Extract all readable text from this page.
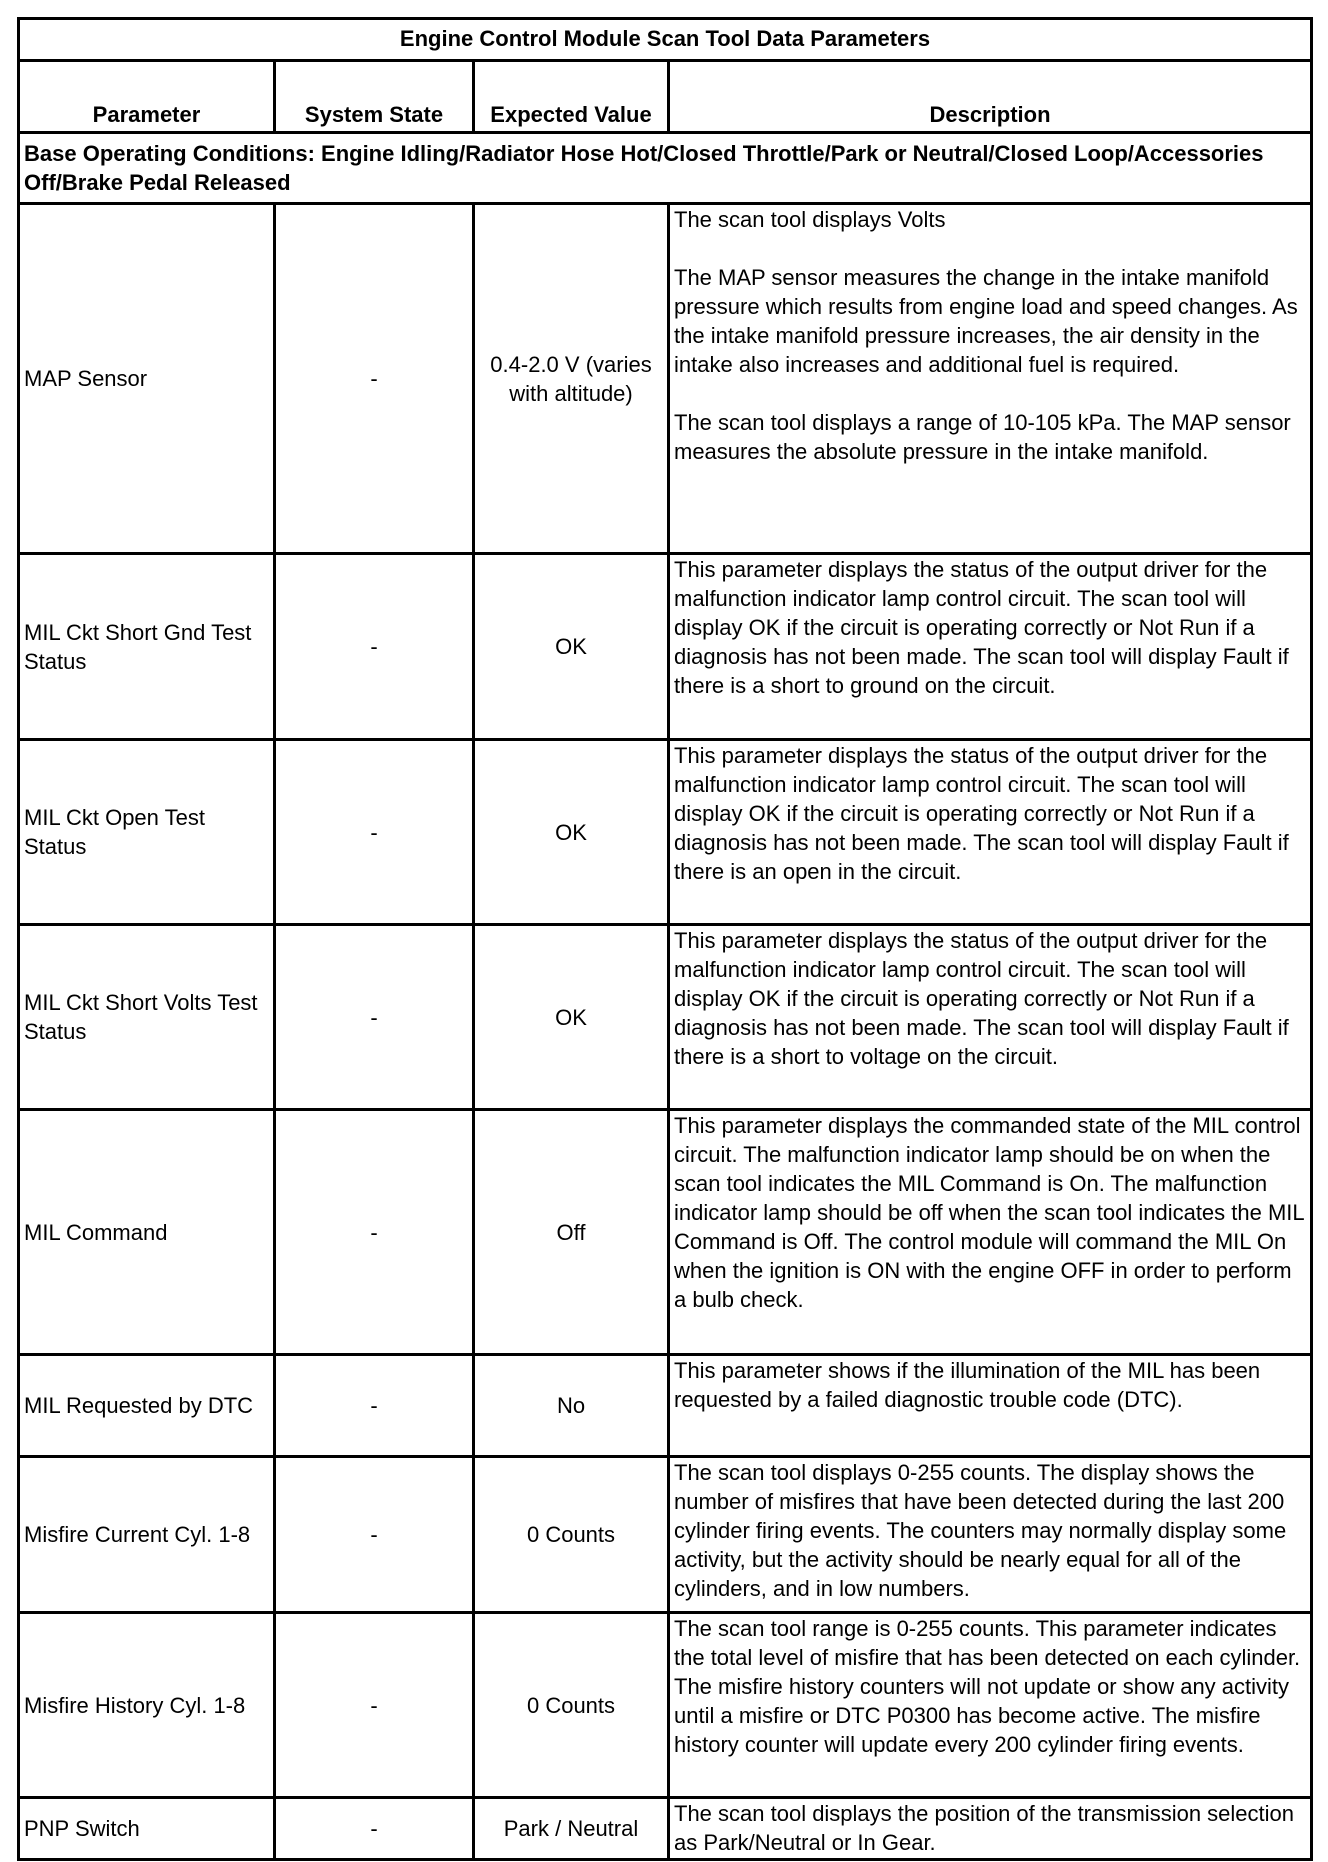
Engine Control Module Scan Tool Data Parameters			
Parameter	System State	Expected Value	Description
Base Operating Conditions: Engine Idling/Radiator Hose Hot/Closed Throttle/Park or Neutral/Closed Loop/Accessories Off/Brake Pedal Released			
MAP Sensor	-	0.4-2.0 V (varies with altitude)	The scan tool displays Volts

The MAP sensor measures the change in the intake manifold pressure which results from engine load and speed changes. As the intake manifold pressure increases, the air density in the intake also increases and additional fuel is required.

The scan tool displays a range of 10-105 kPa. The MAP sensor measures the absolute pressure in the intake manifold.

MIL Ckt Short Gnd Test Status	-	OK	This parameter displays the status of the output driver for the malfunction indicator lamp control circuit. The scan tool will display OK if the circuit is operating correctly or Not Run if a diagnosis has not been made. The scan tool will display Fault if there is a short to ground on the circuit.

MIL Ckt Open Test Status	-	OK	This parameter displays the status of the output driver for the malfunction indicator lamp control circuit. The scan tool will display OK if the circuit is operating correctly or Not Run if a diagnosis has not been made. The scan tool will display Fault if there is an open in the circuit.

MIL Ckt Short Volts Test Status	-	OK	This parameter displays the status of the output driver for the malfunction indicator lamp control circuit. The scan tool will display OK if the circuit is operating correctly or Not Run if a diagnosis has not been made. The scan tool will display Fault if there is a short to voltage on the circuit.

MIL Command	-	Off	This parameter displays the commanded state of the MIL control circuit. The malfunction indicator lamp should be on when the scan tool indicates the MIL Command is On. The malfunction indicator lamp should be off when the scan tool indicates the MIL Command is Off. The control module will command the MIL On when the ignition is ON with the engine OFF in order to perform a bulb check.

MIL Requested by DTC	-	No	This parameter shows if the illumination of the MIL has been requested by a failed diagnostic trouble code (DTC).

Misfire Current Cyl. 1-8	-	0 Counts	The scan tool displays 0-255 counts. The display shows the number of misfires that have been detected during the last 200 cylinder firing events. The counters may normally display some activity, but the activity should be nearly equal for all of the cylinders, and in low numbers.

Misfire History Cyl. 1-8	-	0 Counts	The scan tool range is 0-255 counts. This parameter indicates the total level of misfire that has been detected on each cylinder. The misfire history counters will not update or show any activity until a misfire or DTC P0300 has become active. The misfire history counter will update every 200 cylinder firing events.

PNP Switch	-	Park / Neutral	The scan tool displays the position of the transmission selection as Park/Neutral or In Gear.
